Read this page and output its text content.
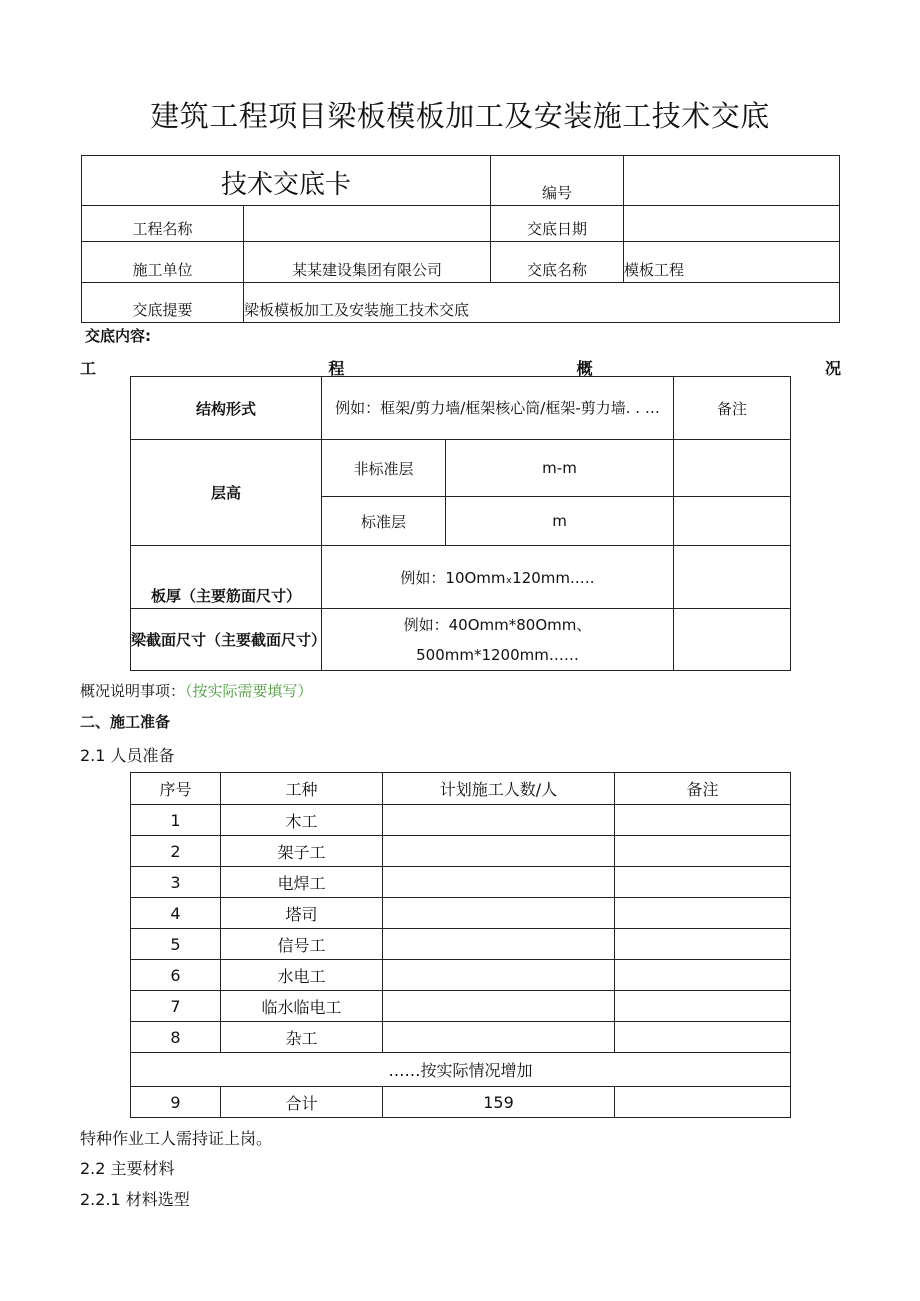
建筑工程项目梁板模板加工及安装施工技术交底
技术交底卡		编号	
工程名称		交底日期	
施工单位	某某建设集团有限公司	交底名称	模板工程
交底提要	梁板模板加工及安装施工技术交底		
交底内容:
工	程	概	况
结构形式	例如：框架/剪力墙/框架核心筒/框架-剪力墙. . …		备注
层高	非标准层	m-m	
	标准层	m	
板厚（主要筋面尺寸）	例如：10Ommₓ120mm.….		
梁截面尺寸（主要截面尺寸）	例如：40Omm*80Omm、
500mm*1200mm……		

概况说明事项：（按实际需要填写）
二、施工准备
2.1 人员准备
序号	工种	计划施工人数/人	备注
1	木工		
2	架子工		
3	电焊工		
4	塔司		
5	信号工		
6	水电工		
7	临水临电工		
8	杂工		
……按实际情况增加			
9	合计	159	
特种作业工人需持证上岗。
2.2 主要材料
2.2.1 材料选型
